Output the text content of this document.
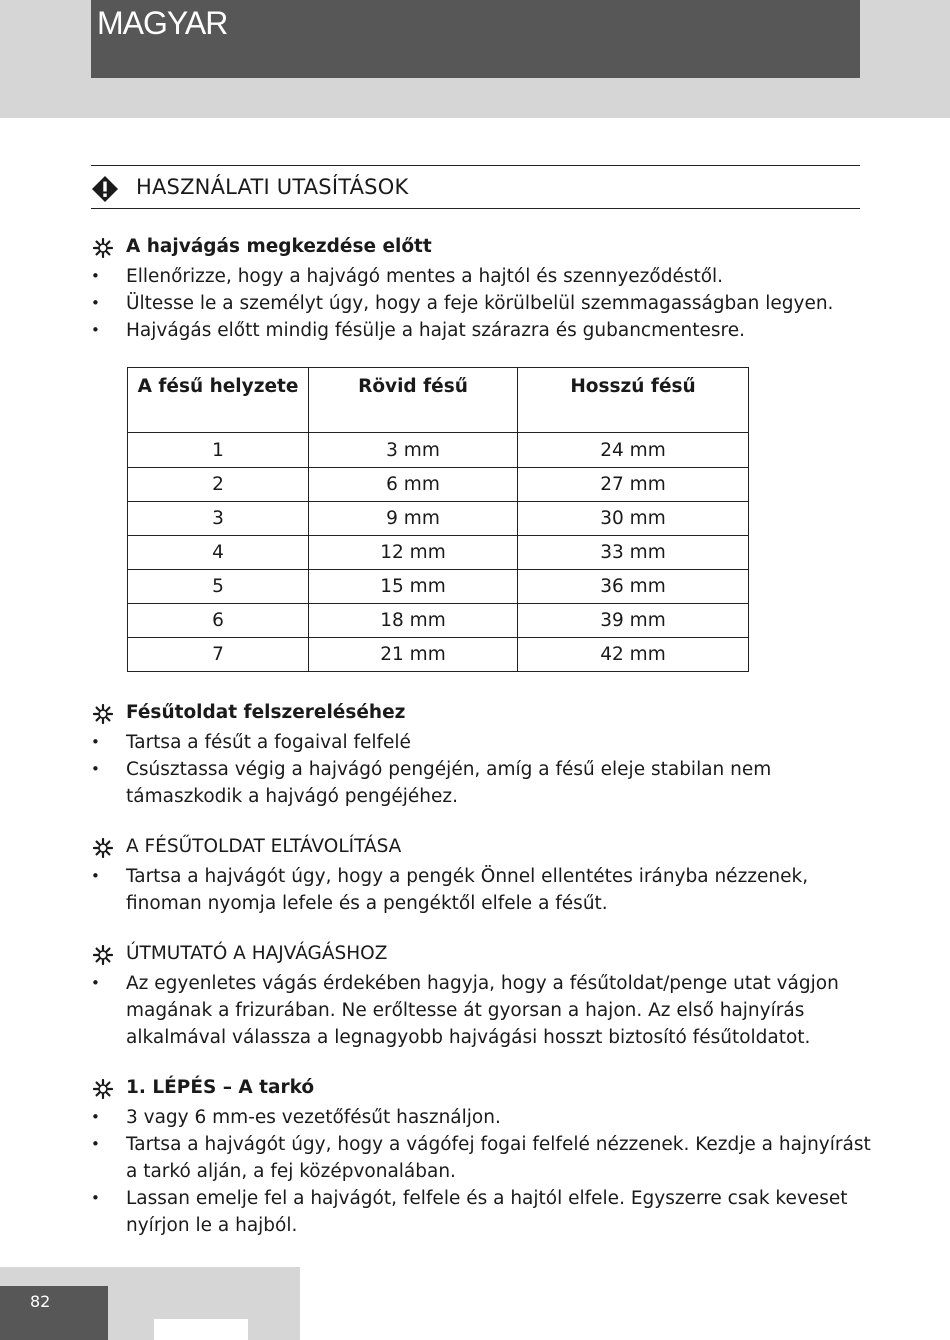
MAGYAR
HASZNÁLATI UTASÍTÁSOK
A hajvágás megkezdése előtt
• Ellenőrizze, hogy a hajvágó mentes a hajtól és szennyeződéstől.
• Ültesse le a személyt úgy, hogy a feje körülbelül szemmagasságban legyen.
• Hajvágás előtt mindig fésülje a hajat szárazra és gubancmentesre.
A fésű helyzete	Rövid fésű	Hosszú fésű
1	3 mm	24 mm
2	6 mm	27 mm
3	9 mm	30 mm
4	12 mm	33 mm
5	15 mm	36 mm
6	18 mm	39 mm
7	21 mm	42 mm
Fésűtoldat felszereléséhez
• Tartsa a fésűt a fogaival felfelé
• Csúsztassa végig a hajvágó pengéjén, amíg a fésű eleje stabilan nem támaszkodik a hajvágó pengéjéhez.
A FÉSŰTOLDAT ELTÁVOLÍTÁSA
• Tartsa a hajvágót úgy, hogy a pengék Önnel ellentétes irányba nézzenek, finoman nyomja lefele és a pengéktől elfele a fésűt.
ÚTMUTATÓ A HAJVÁGÁSHOZ
• Az egyenletes vágás érdekében hagyja, hogy a fésűtoldat/penge utat vágjon magának a frizurában. Ne erőltesse át gyorsan a hajon. Az első hajnyírás alkalmával válassza a legnagyobb hajvágási hosszt biztosító fésűtoldatot.
1. LÉPÉS – A tarkó
• 3 vagy 6 mm-es vezetőfésűt használjon.
• Tartsa a hajvágót úgy, hogy a vágófej fogai felfelé nézzenek. Kezdje a hajnyírást a tarkó alján, a fej középvonalában.
• Lassan emelje fel a hajvágót, felfele és a hajtól elfele. Egyszerre csak keveset nyírjon le a hajból.
82
